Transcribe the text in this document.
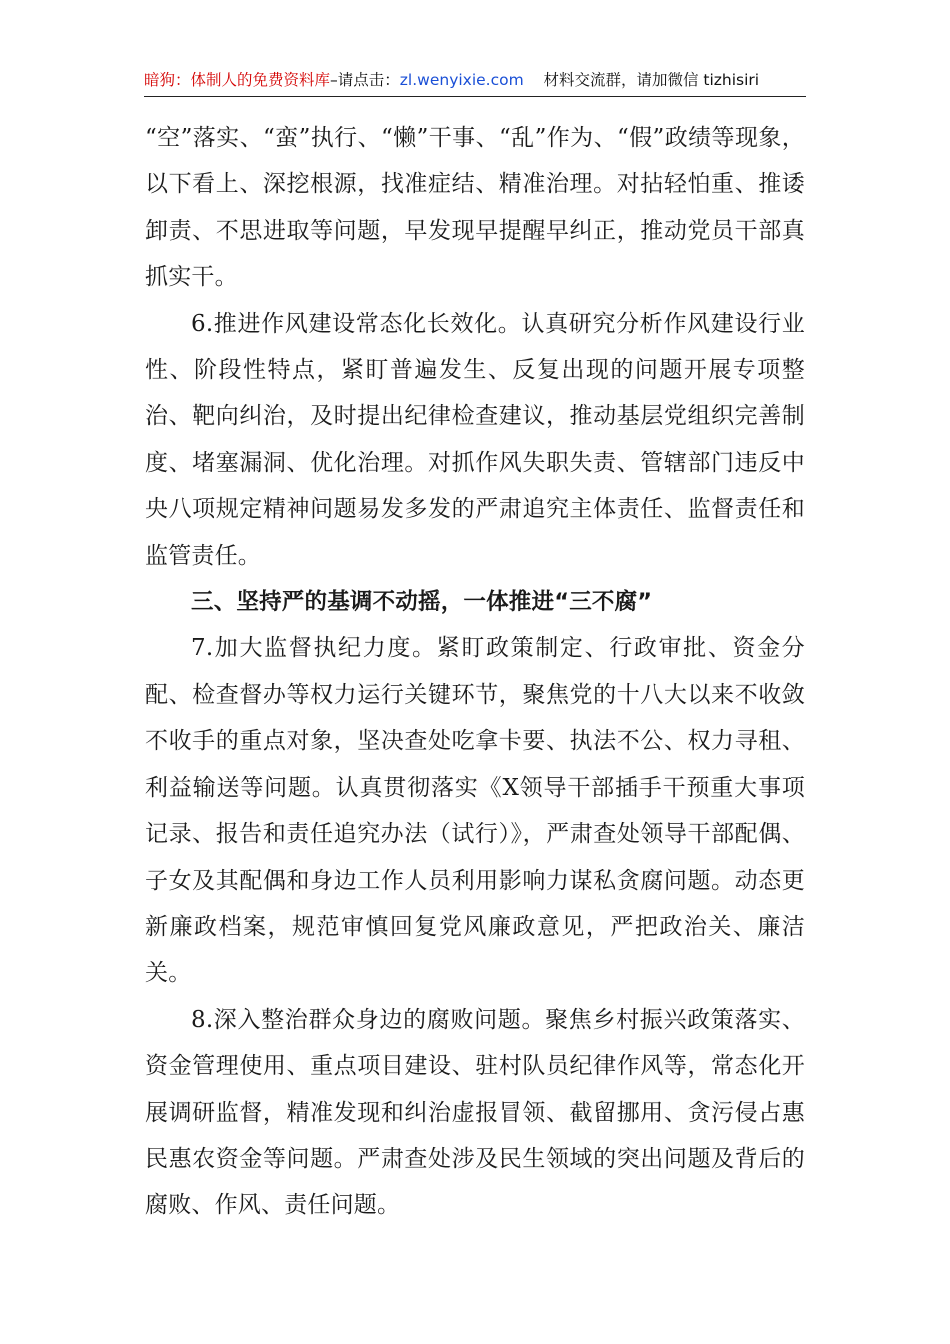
暗狗：体制人的免费资料库–请点击：zl.wenyixie.com 材料交流群，请加微信 tizhisiri

“空”落实、“蛮”执行、“懒”干事、“乱”作为、“假”政绩等现象，以下看上、深挖根源，找准症结、精准治理。对拈轻怕重、推诿卸责、不思进取等问题，早发现早提醒早纠正，推动党员干部真抓实干。

6.推进作风建设常态化长效化。认真研究分析作风建设行业性、阶段性特点，紧盯普遍发生、反复出现的问题开展专项整治、靶向纠治，及时提出纪律检查建议，推动基层党组织完善制度、堵塞漏洞、优化治理。对抓作风失职失责、管辖部门违反中央八项规定精神问题易发多发的严肃追究主体责任、监督责任和监管责任。

三、坚持严的基调不动摇，一体推进“三不腐”

7.加大监督执纪力度。紧盯政策制定、行政审批、资金分配、检查督办等权力运行关键环节，聚焦党的十八大以来不收敛不收手的重点对象，坚决查处吃拿卡要、执法不公、权力寻租、利益输送等问题。认真贯彻落实《X领导干部插手干预重大事项记录、报告和责任追究办法（试行）》，严肃查处领导干部配偶、子女及其配偶和身边工作人员利用影响力谋私贪腐问题。动态更新廉政档案，规范审慎回复党风廉政意见，严把政治关、廉洁关。

8.深入整治群众身边的腐败问题。聚焦乡村振兴政策落实、资金管理使用、重点项目建设、驻村队员纪律作风等，常态化开展调研监督，精准发现和纠治虚报冒领、截留挪用、贪污侵占惠民惠农资金等问题。严肃查处涉及民生领域的突出问题及背后的腐败、作风、责任问题。
